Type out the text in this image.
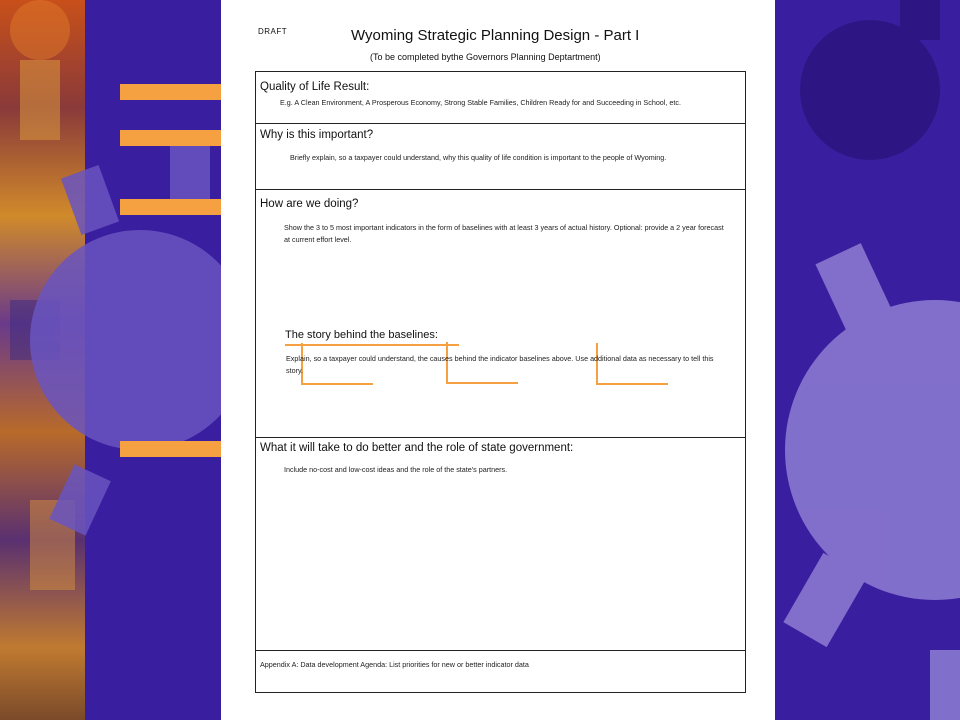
DRAFT	Wyoming Strategic Planning Design - Part I
(To be completed bythe Governors Planning Deptartment)
Quality of Life Result:
E.g. A Clean Environment, A Prosperous Economy, Strong Stable Families, Children Ready for and Succeeding in School, etc.
Why is this important?
Briefly explain, so a taxpayer could understand, why this quality of life condition is important to the people of Wyoming.
How are we doing?
Show the 3 to 5 most important indicators in the form of baselines with at least 3 years of actual history. Optional: provide a 2 year forecast at current effort level.
The story behind the baselines:
Explain, so a taxpayer could understand, the causes behind the indicator baselines above. Use additional data as necessary to tell this story.
What it will take to do better and the role of state government:
Include no-cost and low-cost ideas and the role of the state's partners.
Appendix A: Data development Agenda: List priorities for new or better indicator data
